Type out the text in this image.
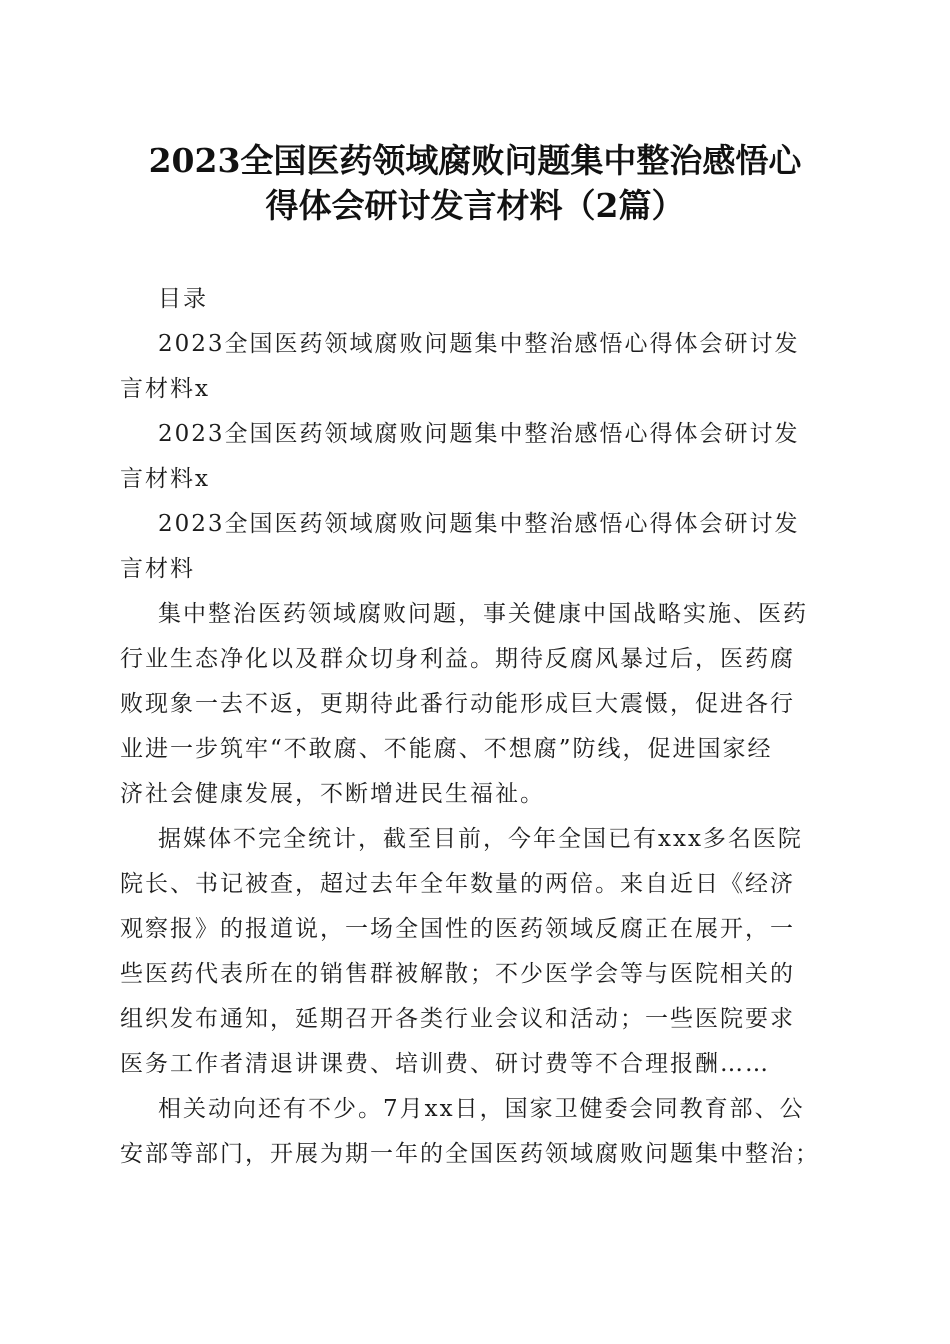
2023全国医药领域腐败问题集中整治感悟心
得体会研讨发言材料（2篇）

目录

2023全国医药领域腐败问题集中整治感悟心得体会研讨发
言材料x

2023全国医药领域腐败问题集中整治感悟心得体会研讨发
言材料x

2023全国医药领域腐败问题集中整治感悟心得体会研讨发
言材料

集中整治医药领域腐败问题，事关健康中国战略实施、医药
行业生态净化以及群众切身利益。期待反腐风暴过后，医药腐
败现象一去不返，更期待此番行动能形成巨大震慑，促进各行
业进一步筑牢“不敢腐、不能腐、不想腐”防线，促进国家经
济社会健康发展，不断增进民生福祉。

据媒体不完全统计，截至目前，今年全国已有xxx多名医院
院长、书记被查，超过去年全年数量的两倍。来自近日《经济
观察报》的报道说，一场全国性的医药领域反腐正在展开，一
些医药代表所在的销售群被解散；不少医学会等与医院相关的
组织发布通知，延期召开各类行业会议和活动；一些医院要求
医务工作者清退讲课费、培训费、研讨费等不合理报酬……

相关动向还有不少。7月xx日，国家卫健委会同教育部、公
安部等部门，开展为期一年的全国医药领域腐败问题集中整治；
